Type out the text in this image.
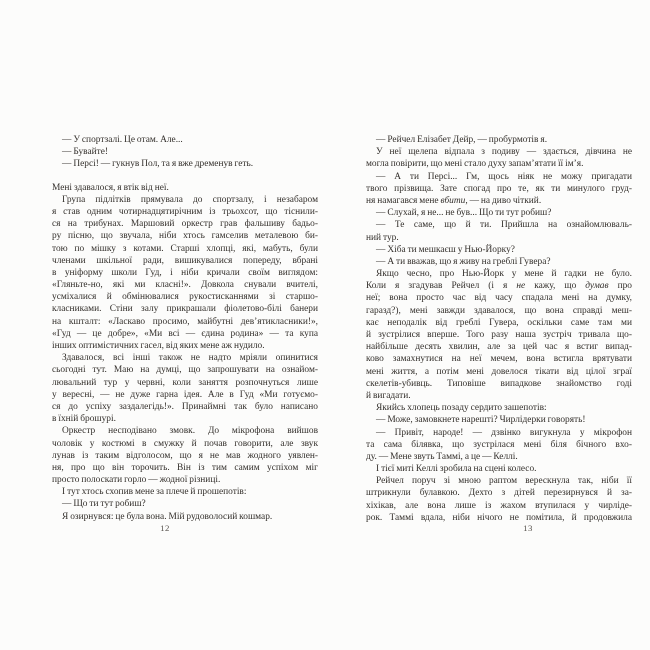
— У спортзалі. Це отам. Але...
— Бувайте!
— Персі! — гукнув Пол, та я вже дременув геть.
Мені здавалося, я втік від неї.
Група підлітків прямувала до спортзалу, і незабаром
я став одним чотирнадцятирічним із трьохсот, що тіснили-
ся на трибунах. Маршовий оркестр грав фальшиву бадьо-
ру пісню, що звучала, ніби хтось гамселив металевою би-
тою по мішку з котами. Старші хлопці, які, мабуть, були
членами шкільної ради, вишикувалися попереду, вбрані
в уніформу школи Гуд, і ніби кричали своїм виглядом:
«Гляньте-но, які ми класні!». Довкола снували вчителі,
усміхалися й обмінювалися рукостисканнями зі старшо-
класниками. Стіни залу прикрашали фіолетово-білі банери
на кшталт: «Ласкаво просимо, майбутні дев’ятикласники!»,
«Гуд — це добре», «Ми всі — єдина родина» — та купа
інших оптимістичних гасел, від яких мене аж нудило.
Здавалося, всі інші також не надто мріяли опинитися
сьогодні тут. Маю на думці, що запрошувати на ознайом-
лювальний тур у червні, коли заняття розпочнуться лише
у вересні, — не дуже гарна ідея. Але в Гуд «Ми готуємо-
ся до успіху заздалегідь!». Принаймні так було написано
в їхній брошурі.
Оркестр несподівано змовк. До мікрофона вийшов
чоловік у костюмі в смужку й почав говорити, але звук
лунав із таким відголосом, що я не мав жодного уявлен-
ня, про що він торочить. Він із тим самим успіхом міг
просто полоскати горло — жодної різниці.
І тут хтось схопив мене за плече й прошепотів:
— Що ти тут робиш?
Я озирнувся: це була вона. Мій рудоволосий кошмар.
— Рейчел Елізабет Дейр, — пробурмотів я.
У неї щелепа відпала з подиву — здається, дівчина не
могла повірити, що мені стало духу запам’ятати її ім’я.
— А ти Персі... Гм, щось ніяк не можу пригадати
твого прізвища. Зате спогад про те, як ти минулого груд-
ня намагався мене вбити, — на диво чіткий.
— Слухай, я не... не був... Що ти тут робиш?
— Те саме, що й ти. Прийшла на ознайомлюваль-
ний тур.
— Хіба ти мешкаєш у Нью-Йорку?
— А ти вважав, що я живу на греблі Гувера?
Якщо чесно, про Нью-Йорк у мене й гадки не було.
Коли я згадував Рейчел (і я не кажу, що думав про
неї; вона просто час від часу спадала мені на думку,
гаразд?), мені завжди здавалося, що вона справді меш-
кає неподалік від греблі Гувера, оскільки саме там ми
й зустрілися вперше. Того разу наша зустріч тривала що-
найбільше десять хвилин, але за цей час я встиг випад-
ково замахнутися на неї мечем, вона встигла врятувати
мені життя, а потім мені довелося тікати від цілої зграї
скелетів-убивць. Типовіше випадкове знайомство годі
й вигадати.
Якийсь хлопець позаду сердито зашепотів:
— Може, замовкнете нарешті? Чирлідерки говорять!
— Привіт, народе! — дзвінко вигукнула у мікрофон
та сама білявка, що зустрілася мені біля бічного вхо-
ду. — Мене звуть Таммі, а це — Келлі.
І тієї миті Келлі зробила на сцені колесо.
Рейчел поруч зі мною раптом верескнула так, ніби її
штрикнули булавкою. Дехто з дітей перезирнувся й за-
хіхікав, але вона лише із жахом втупилася у чирліде-
рок. Таммі вдала, ніби нічого не помітила, й продовжила
12	13
